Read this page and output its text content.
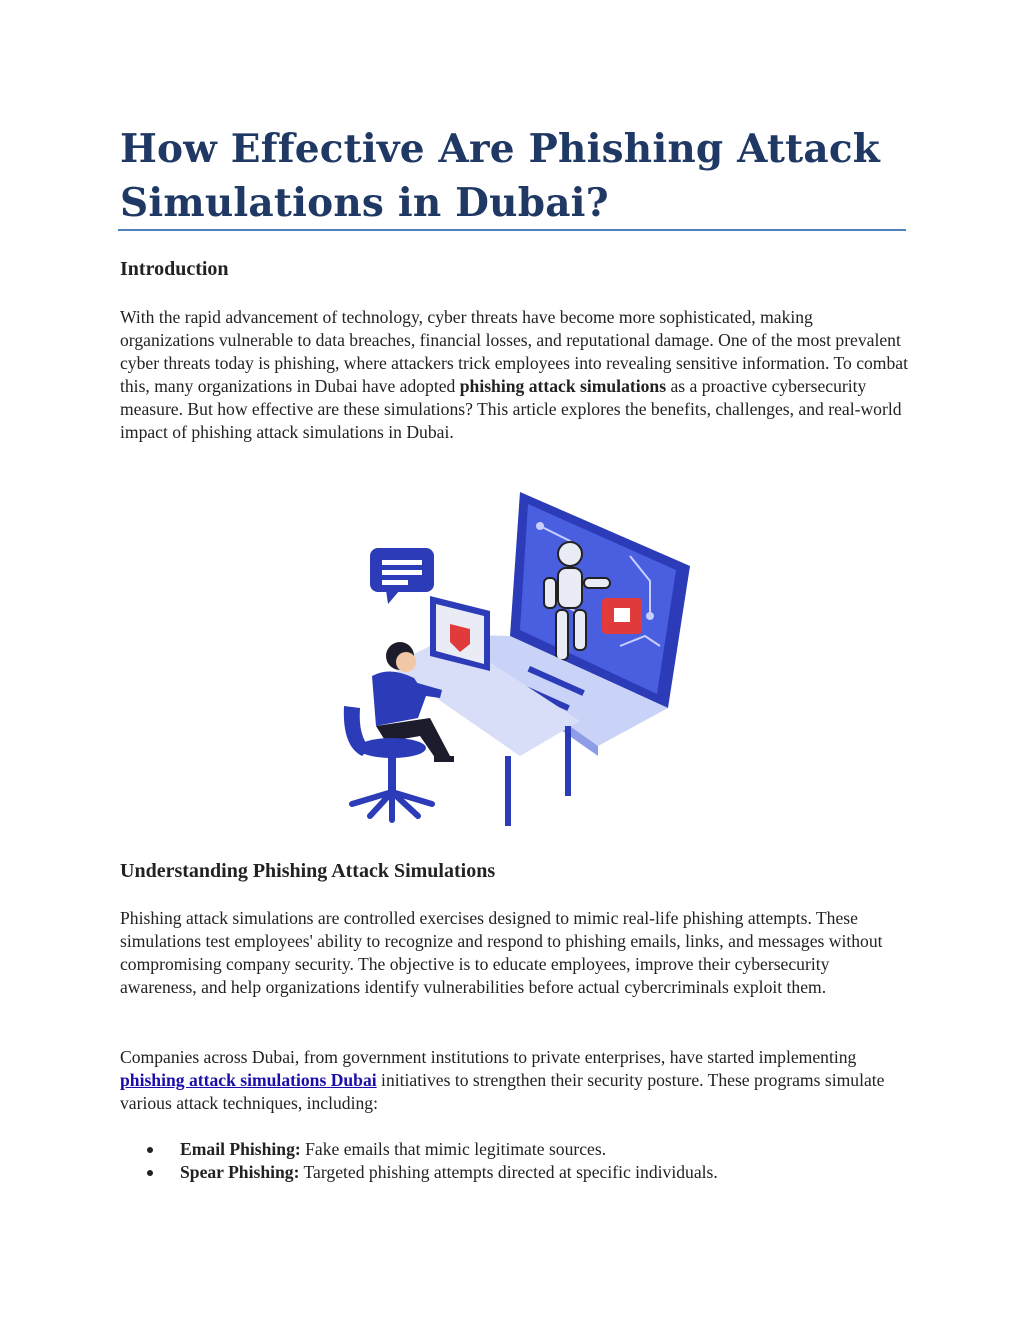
How Effective Are Phishing Attack Simulations in Dubai?
Introduction

With the rapid advancement of technology, cyber threats have become more sophisticated, making organizations vulnerable to data breaches, financial losses, and reputational damage. One of the most prevalent cyber threats today is phishing, where attackers trick employees into revealing sensitive information. To combat this, many organizations in Dubai have adopted phishing attack simulations as a proactive cybersecurity measure. But how effective are these simulations? This article explores the benefits, challenges, and real-world impact of phishing attack simulations in Dubai.

Understanding Phishing Attack Simulations

Phishing attack simulations are controlled exercises designed to mimic real-life phishing attempts. These simulations test employees' ability to recognize and respond to phishing emails, links, and messages without compromising company security. The objective is to educate employees, improve their cybersecurity awareness, and help organizations identify vulnerabilities before actual cybercriminals exploit them.

Companies across Dubai, from government institutions to private enterprises, have started implementing phishing attack simulations Dubai initiatives to strengthen their security posture. These programs simulate various attack techniques, including:

Email Phishing: Fake emails that mimic legitimate sources.
Spear Phishing: Targeted phishing attempts directed at specific individuals.
